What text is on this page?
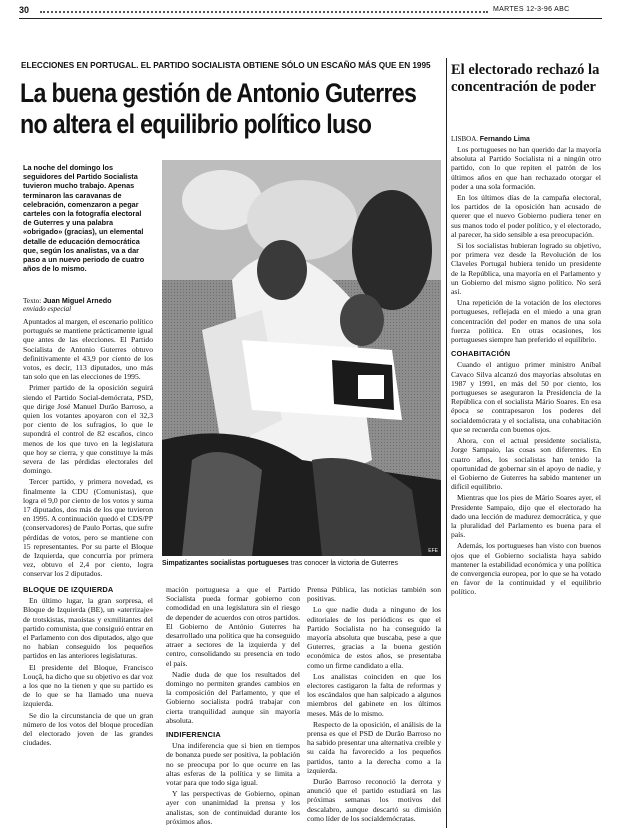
30	MARTES 12-3-96 ABC
ELECCIONES EN PORTUGAL. EL PARTIDO SOCIALISTA OBTIENE SÓLO UN ESCAÑO MÁS QUE EN 1995
La buena gestión de Antonio Guterres no altera el equilibrio político luso
La noche del domingo los seguidores del Partido Socialista tuvieron mucho trabajo. Apenas terminaron las caravanas de celebración, comenzaron a pegar carteles con la fotografía electoral de Guterres y una palabra «obrigado» (gracias), un elemental detalle de educación democrática que, según los analistas, va a dar paso a un nuevo periodo de cuatro años de lo mismo.

Texto: Juan Miguel Arnedo

enviado especial

Apuntados al margen, el escenario político portugués se mantiene prácticamente igual que antes de las elecciones. El Partido Socialista de Antonio Guterres obtuvo definitivamente el 43,9 por ciento de los votos, es decir, 113 diputados, uno más tan solo que en las elecciones de 1995.

Primer partido de la oposición seguirá siendo el Partido Social-demócrata, PSD, que dirige José Manuel Durão Barroso, a quien los votantes apoyaron con el 32,3 por ciento de los sufragios, lo que le supondrá el control de 82 escaños, cinco menos de los que tuvo en la legislatura que hoy se cierra, y que constituye la más severa de las pérdidas electorales del domingo.

Tercer partido, y primera novedad, es finalmente la CDU (Comunistas), que logra el 9,0 por ciento de los votos y suma 17 diputados, dos más de los que tuvieron en 1995. A continuación quedó el CDS/PP (conservadores) de Paulo Portas, que sufre pérdidas de votos, pero se mantiene con 15 representantes. Por su parte el Bloque de Izquierda, que concurría por primera vez, obtuvo el 2,4 por ciento, logra conservar los 2 diputados.

EFE
Simpatizantes socialistas portugueses tras conocer la victoria de Guterres
BLOQUE DE IZQUIERDA

En último lugar, la gran sorpresa, el Bloque de Izquierda (BE), un «aterrizaje» de trotskistas, maoístas y exmilitantes del partido comunista, que consiguió entrar en el Parlamento con dos diputados, algo que no habían conseguido los pequeños partidos en las anteriores legislaturas.

El presidente del Bloque, Francisco Louçã, ha dicho que su objetivo es dar voz a los que no la tienen y que su partido es de lo que se ha llamado una nueva izquierda.

Se dio la circunstancia de que un gran número de los votos del bloque procedían del electorado joven de las grandes ciudades.

mación portuguesa a que el Partido Socialista pueda formar gobierno con comodidad en una legislatura sin el riesgo de depender de acuerdos con otros partidos. El Gobierno de António Guterres ha desarrollado una política que ha conseguido atraer a sectores de la izquierda y del centro, consolidando su presencia en todo el país.

Nadie duda de que los resultados del domingo no permiten grandes cambios en la composición del Parlamento, y que el Gobierno socialista podrá trabajar con cierta tranquilidad aunque sin mayoría absoluta.

INDIFERENCIA

Una indiferencia que si bien en tiempos de bonanza puede ser positiva, la población no se preocupa por lo que ocurre en las altas esferas de la política y se limita a votar para que todo siga igual.

Y las perspectivas de Gobierno, opinan ayer con unanimidad la prensa y los analistas, son de continuidad durante los próximos años.

Prensa Pública, las noticias también son positivas.

Lo que nadie duda a ninguno de los editoriales de los periódicos es que el Partido Socialista no ha conseguido la mayoría absoluta que buscaba, pese a que Guterres, gracias a la buena gestión económica de estos años, se presentaba como un firme candidato a ella.

Los analistas coinciden en que los electores castigaron la falta de reformas y los escándalos que han salpicado a algunos miembros del gabinete en los últimos meses. Más de lo mismo.

Respecto de la oposición, el análisis de la prensa es que el PSD de Durão Barroso no ha sabido presentar una alternativa creíble y su caída ha favorecido a los pequeños partidos, tanto a la derecha como a la izquierda.

Durão Barroso reconoció la derrota y anunció que el partido estudiará en las próximas semanas los motivos del descalabro, aunque descartó su dimisión como líder de los socialdemócratas.

El electorado rechazó la concentración de poder
LISBOA. Fernando Lima

Los portugueses no han querido dar la mayoría absoluta al Partido Socialista ni a ningún otro partido, con lo que repiten el patrón de los últimos años en que han rechazado otorgar el poder a una sola formación.

En los últimos días de la campaña electoral, los partidos de la oposición han acusado de querer que el nuevo Gobierno pudiera tener en sus manos todo el poder político, y el electorado, al parecer, ha sido sensible a esa preocupación.

Si los socialistas hubieran logrado su objetivo, por primera vez desde la Revolución de los Claveles Portugal hubiera tenido un presidente de la República, una mayoría en el Parlamento y un Gobierno del mismo signo político. No será así.

Una repetición de la votación de los electores portugueses, reflejada en el miedo a una gran concentración del poder en manos de una sola fuerza política. En otras ocasiones, los portugueses siempre han preferido el equilibrio.

COHABITACIÓN

Cuando el antiguo primer ministro Aníbal Cavaco Silva alcanzó dos mayorías absolutas en 1987 y 1991, en más del 50 por ciento, los portugueses se aseguraron la Presidencia de la República con el socialista Mário Soares. En esa época se contrapesaron los poderes del socialdemócrata y el socialista, una cohabitación que se recuerda con buenos ojos.

Ahora, con el actual presidente socialista, Jorge Sampaio, las cosas son diferentes. En cuatro años, los socialistas han tenido la oportunidad de gobernar sin el apoyo de nadie, y el Gobierno de Guterres ha sabido mantener un difícil equilibrio.

Mientras que los pies de Mário Soares ayer, el Presidente Sampaio, dijo que el electorado ha dado una lección de madurez democrática, y que la pluralidad del Parlamento es buena para el país.

Además, los portugueses han visto con buenos ojos que el Gobierno socialista haya sabido mantener la estabilidad económica y una política de convergencia europea, por lo que se ha votado en favor de la continuidad y el equilibrio político.
